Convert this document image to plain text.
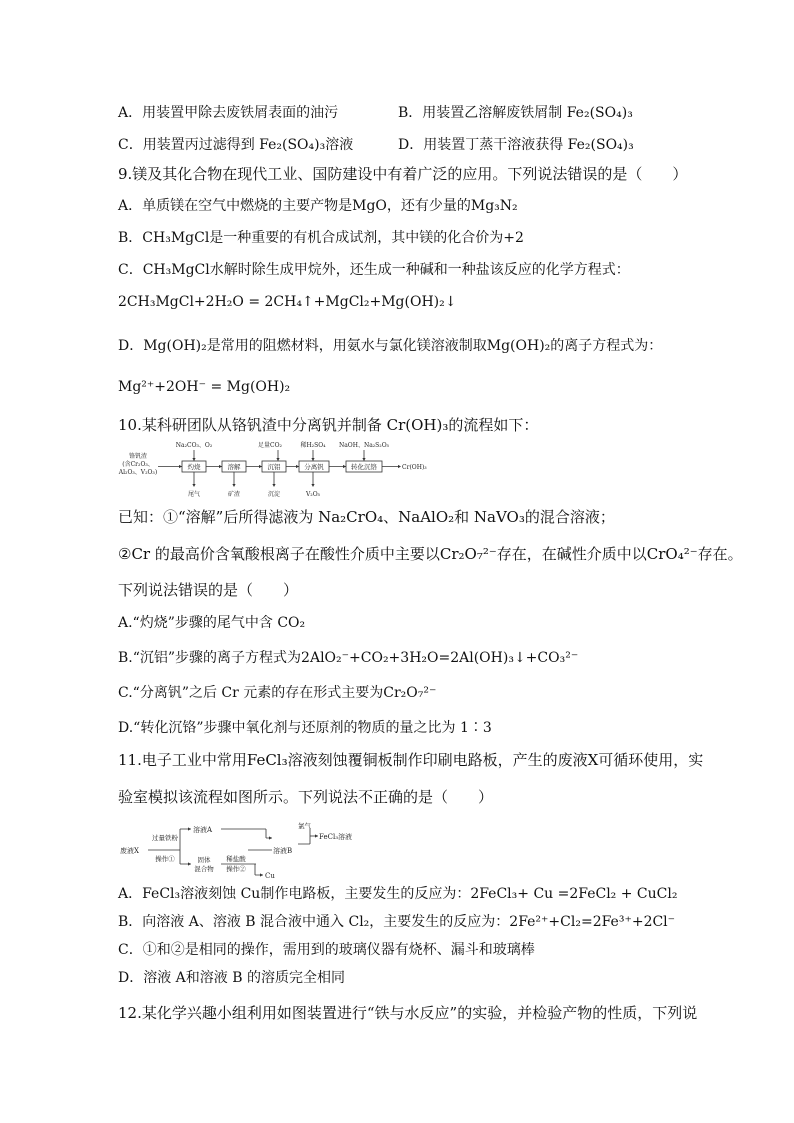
A．用装置甲除去废铁屑表面的油污	B．用装置乙溶解废铁屑制 Fe₂(SO₄)₃
C．用装置丙过滤得到 Fe₂(SO₄)₃溶液	D．用装置丁蒸干溶液获得 Fe₂(SO₄)₃
9.镁及其化合物在现代工业、国防建设中有着广泛的应用。下列说法错误的是（　　）
A．单质镁在空气中燃烧的主要产物是MgO，还有少量的Mg₃N₂
B．CH₃MgCl是一种重要的有机合成试剂，其中镁的化合价为+2
C．CH₃MgCl水解时除生成甲烷外，还生成一种碱和一种盐该反应的化学方程式：
2CH₃MgCl+2H₂O = 2CH₄↑+MgCl₂+Mg(OH)₂↓
D．Mg(OH)₂是常用的阻燃材料，用氨水与氯化镁溶液制取Mg(OH)₂的离子方程式为：
Mg²⁺+2OH⁻ = Mg(OH)₂
10.某科研团队从铬钒渣中分离钒并制备 Cr(OH)₃的流程如下：
铬钒渣
(含Cr₂O₃、
Al₂O₃、V₂O₃)
Na₂CO₃、O₂	足量CO₂	稀H₂SO₄ NaOH、Na₂S₂O₅
灼烧	溶解	沉铝	分离钒	转化沉铬	Cr(OH)₃
尾气	矿渣	沉淀	V₂O₅
已知：①“溶解”后所得滤液为 Na₂CrO₄、NaAlO₂和 NaVO₃的混合溶液；
②Cr 的最高价含氧酸根离子在酸性介质中主要以Cr₂O₇²⁻存在，在碱性介质中以CrO₄²⁻存在。
下列说法错误的是（　　）
A.“灼烧”步骤的尾气中含 CO₂
B.“沉铝”步骤的离子方程式为2AlO₂⁻+CO₂+3H₂O=2Al(OH)₃↓+CO₃²⁻
C.“分离钒”之后 Cr 元素的存在形式主要为Cr₂O₇²⁻
D.“转化沉铬”步骤中氧化剂与还原剂的物质的量之比为 1∶3
11.电子工业中常用FeCl₃溶液刻蚀覆铜板制作印刷电路板，产生的废液X可循环使用，实
验室模拟该流程如图所示。下列说法不正确的是（　　）
废液X
过量铁粉
操作①
溶液A
固体
混合物
稀盐酸
操作②
溶液B
Cu
氯气
FeCl₃溶液
A．FeCl₃溶液刻蚀 Cu制作电路板，主要发生的反应为：2FeCl₃+ Cu =2FeCl₂ + CuCl₂
B．向溶液 A、溶液 B 混合液中通入 Cl₂，主要发生的反应为：2Fe²⁺+Cl₂=2Fe³⁺+2Cl⁻
C．①和②是相同的操作，需用到的玻璃仪器有烧杯、漏斗和玻璃棒
D．溶液 A和溶液 B 的溶质完全相同
12.某化学兴趣小组利用如图装置进行“铁与水反应”的实验，并检验产物的性质，下列说
